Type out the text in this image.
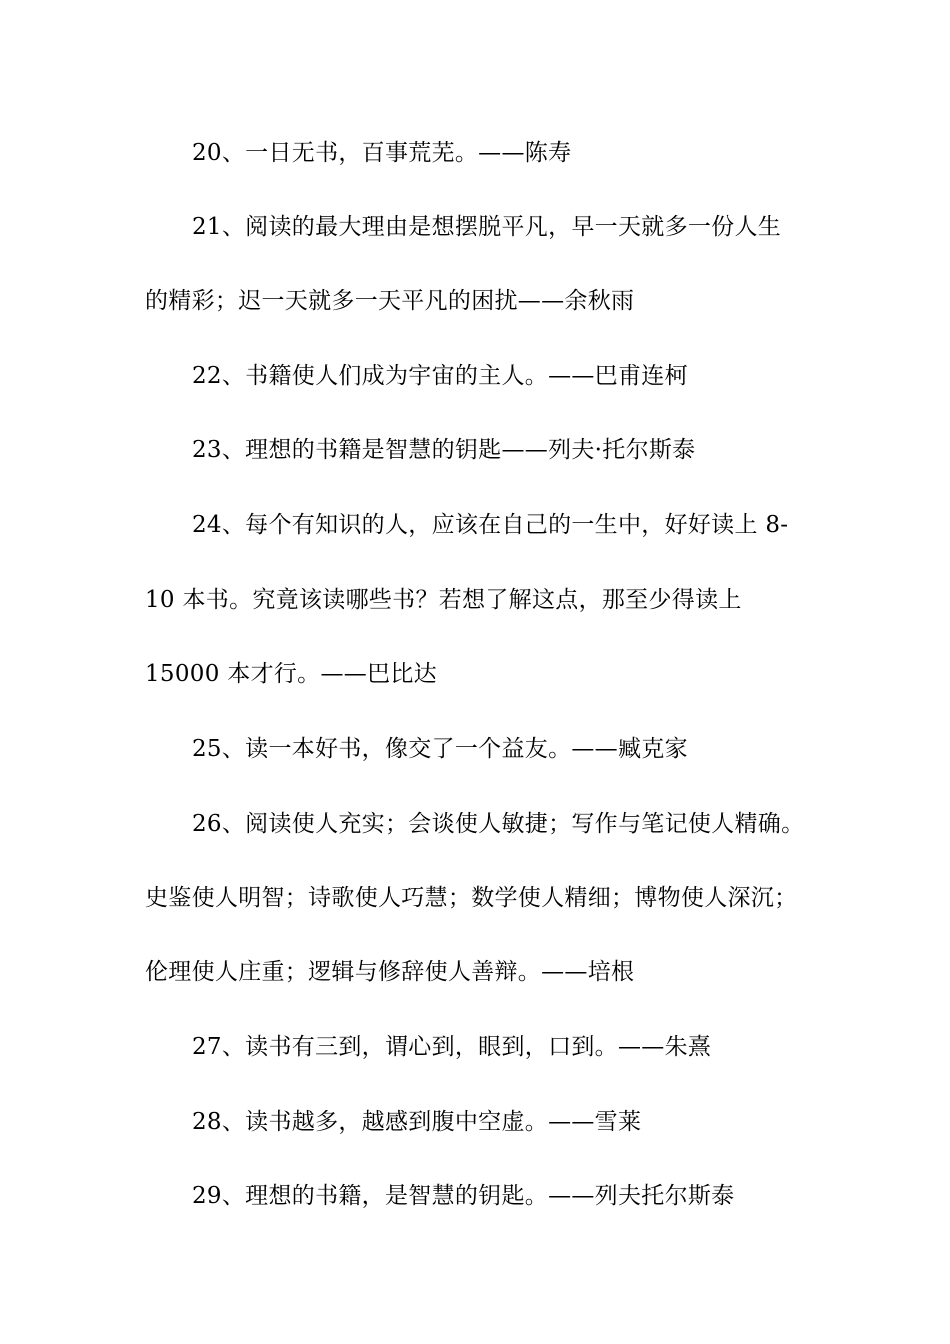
20、一日无书，百事荒芜。——陈寿
21、阅读的最大理由是想摆脱平凡，早一天就多一份人生
的精彩；迟一天就多一天平凡的困扰——余秋雨
22、书籍使人们成为宇宙的主人。——巴甫连柯
23、理想的书籍是智慧的钥匙——列夫·托尔斯泰
24、每个有知识的人，应该在自己的一生中，好好读上 8-
10 本书。究竟该读哪些书？若想了解这点，那至少得读上
15000 本才行。——巴比达
25、读一本好书，像交了一个益友。——臧克家
26、阅读使人充实；会谈使人敏捷；写作与笔记使人精确。
史鉴使人明智；诗歌使人巧慧；数学使人精细；博物使人深沉；
伦理使人庄重；逻辑与修辞使人善辩。——培根
27、读书有三到，谓心到，眼到，口到。——朱熹
28、读书越多，越感到腹中空虚。——雪莱
29、理想的书籍，是智慧的钥匙。——列夫托尔斯泰
